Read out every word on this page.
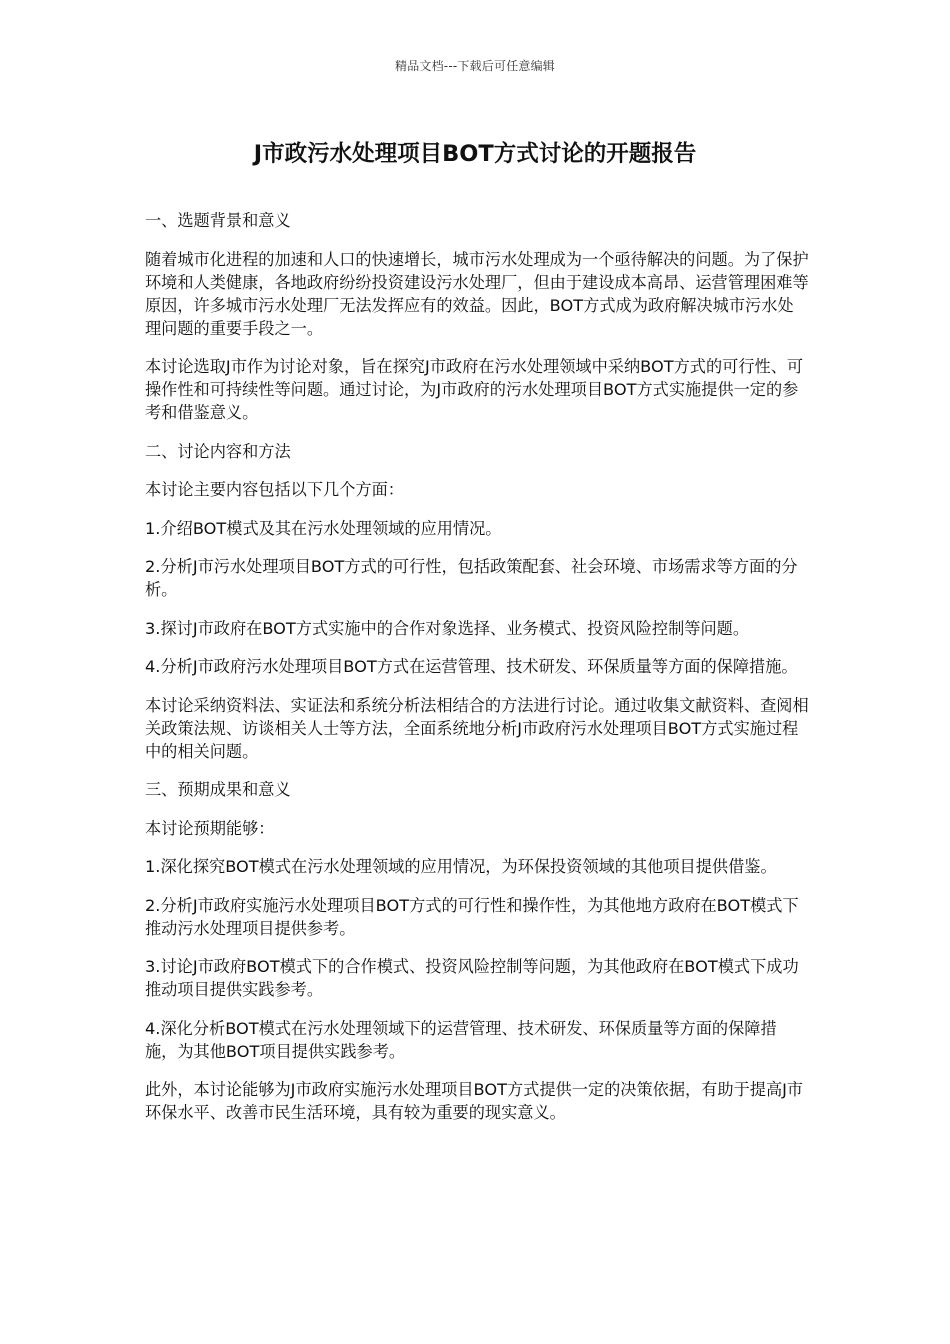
精品文档---下载后可任意编辑
J市政污水处理项目BOT方式讨论的开题报告

一、选题背景和意义

随着城市化进程的加速和人口的快速增长，城市污水处理成为一个亟待解决的问题。为了保护环境和人类健康，各地政府纷纷投资建设污水处理厂，但由于建设成本高昂、运营管理困难等原因，许多城市污水处理厂无法发挥应有的效益。因此，BOT方式成为政府解决城市污水处理问题的重要手段之一。

本讨论选取J市作为讨论对象，旨在探究J市政府在污水处理领域中采纳BOT方式的可行性、可操作性和可持续性等问题。通过讨论，为J市政府的污水处理项目BOT方式实施提供一定的参考和借鉴意义。

二、讨论内容和方法

本讨论主要内容包括以下几个方面：

1.介绍BOT模式及其在污水处理领域的应用情况。

2.分析J市污水处理项目BOT方式的可行性，包括政策配套、社会环境、市场需求等方面的分析。

3.探讨J市政府在BOT方式实施中的合作对象选择、业务模式、投资风险控制等问题。

4.分析J市政府污水处理项目BOT方式在运营管理、技术研发、环保质量等方面的保障措施。

本讨论采纳资料法、实证法和系统分析法相结合的方法进行讨论。通过收集文献资料、查阅相关政策法规、访谈相关人士等方法，全面系统地分析J市政府污水处理项目BOT方式实施过程中的相关问题。

三、预期成果和意义

本讨论预期能够：

1.深化探究BOT模式在污水处理领域的应用情况，为环保投资领域的其他项目提供借鉴。

2.分析J市政府实施污水处理项目BOT方式的可行性和操作性，为其他地方政府在BOT模式下推动污水处理项目提供参考。

3.讨论J市政府BOT模式下的合作模式、投资风险控制等问题，为其他政府在BOT模式下成功推动项目提供实践参考。

4.深化分析BOT模式在污水处理领域下的运营管理、技术研发、环保质量等方面的保障措施，为其他BOT项目提供实践参考。

此外，本讨论能够为J市政府实施污水处理项目BOT方式提供一定的决策依据，有助于提高J市环保水平、改善市民生活环境，具有较为重要的现实意义。
